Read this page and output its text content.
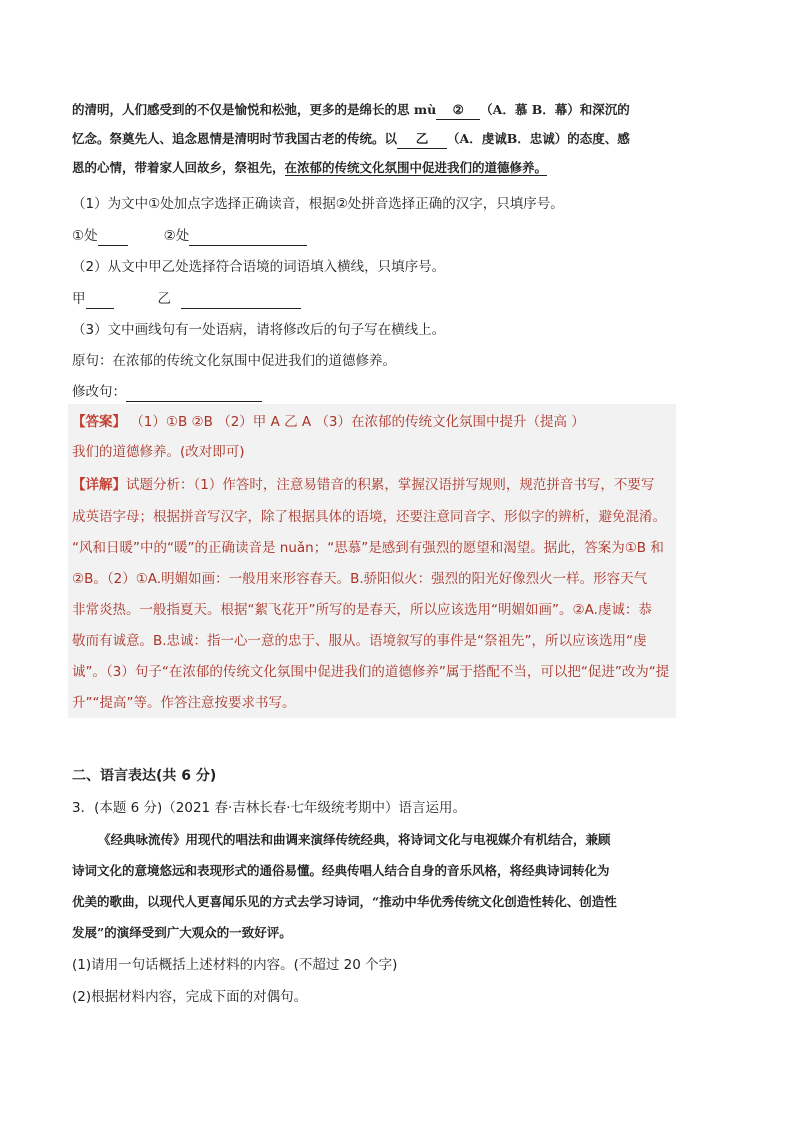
的清明，人们感受到的不仅是愉悦和松弛，更多的是绵长的思 mù ② （A．慕 B．幕）和深沉的
忆念。祭奠先人、追念恩情是清明时节我国古老的传统。以 乙 （A．虔诚B．忠诚）的态度、感
恩的心情，带着家人回故乡，祭祖先，在浓郁的传统文化氛围中促进我们的道德修养。
（1）为文中①处加点字选择正确读音，根据②处拼音选择正确的汉字，只填序号。
①处	②处
（2）从文中甲乙处选择符合语境的词语填入横线，只填序号。
甲	乙
（3）文中画线句有一处语病，请将修改后的句子写在横线上。
原句：在浓郁的传统文化氛围中促进我们的道德修养。
修改句：
【答案】 （1）①B ②B （2）甲 A 乙 A （3）在浓郁的传统文化氛围中提升（提高 ）
我们的道德修养。(改对即可)
【详解】试题分析：（1）作答时，注意易错音的积累，掌握汉语拼写规则，规范拼音书写，不要写
成英语字母；根据拼音写汉字，除了根据具体的语境，还要注意同音字、形似字的辨析，避免混淆。
“风和日暖”中的“暖”的正确读音是 nuǎn；“思慕”是感到有强烈的愿望和渴望。据此，答案为①B 和
②B。（2）①A.明媚如画：一般用来形容春天。B.骄阳似火：强烈的阳光好像烈火一样。形容天气
非常炎热。一般指夏天。根据“絮飞花开”所写的是春天，所以应该选用“明媚如画”。②A.虔诚：恭
敬而有诚意。B.忠诚：指一心一意的忠于、服从。语境叙写的事件是“祭祖先”，所以应该选用“虔
诚”。（3）句子“在浓郁的传统文化氛围中促进我们的道德修养”属于搭配不当，可以把“促进”改为“提
升”“提高”等。作答注意按要求书写。
二、语言表达(共 6 分)
3．(本题 6 分)（2021 春·吉林长春·七年级统考期中）语言运用。
《经典咏流传》用现代的唱法和曲调来演绎传统经典，将诗词文化与电视媒介有机结合，兼顾
诗词文化的意境悠远和表现形式的通俗易懂。经典传唱人结合自身的音乐风格，将经典诗词转化为
优美的歌曲，以现代人更喜闻乐见的方式去学习诗词，“推动中华优秀传统文化创造性转化、创造性
发展”的演绎受到广大观众的一致好评。
(1)请用一句话概括上述材料的内容。(不超过 20 个字)
(2)根据材料内容，完成下面的对偶句。
